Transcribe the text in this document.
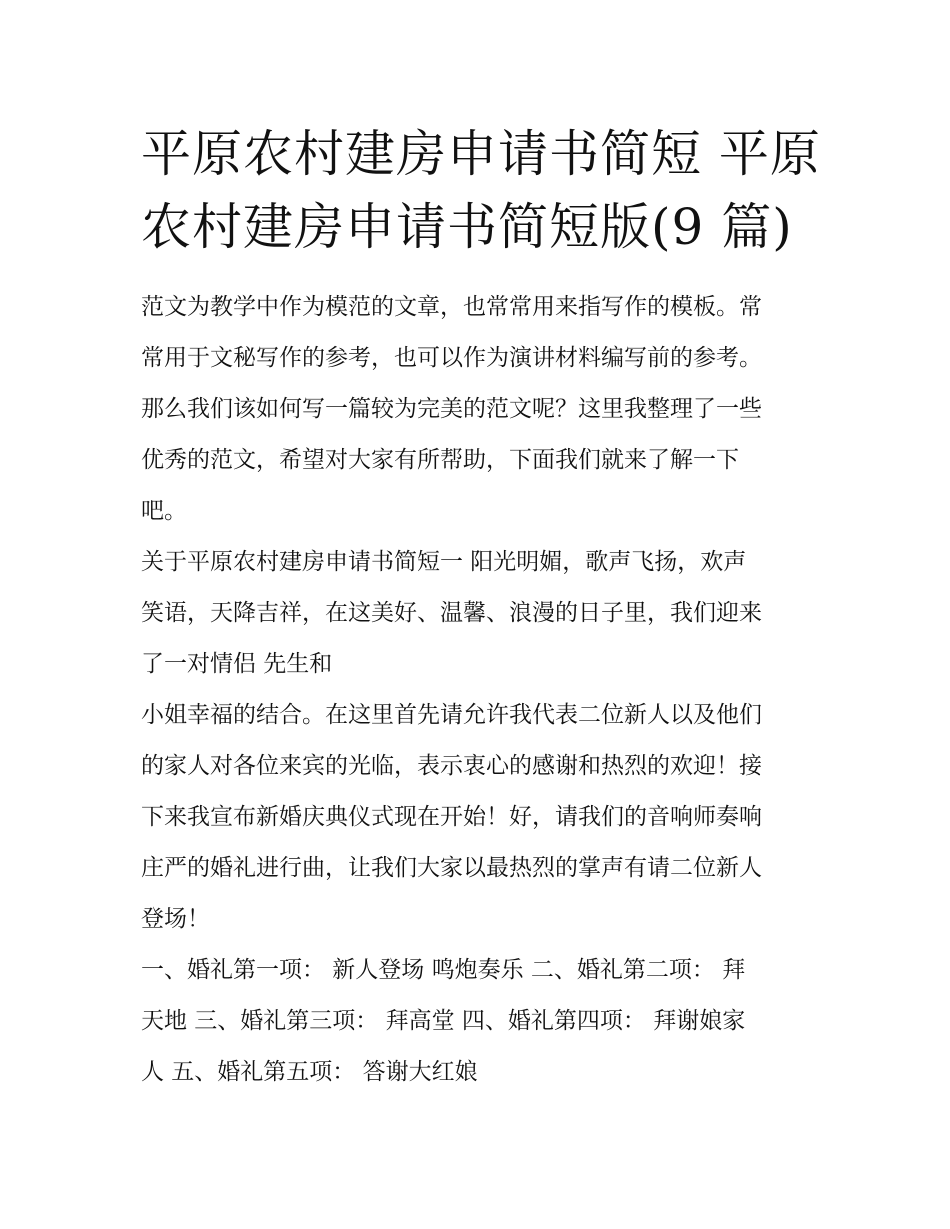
平原农村建房申请书简短 平原
农村建房申请书简短版(9 篇)

范文为教学中作为模范的文章，也常常用来指写作的模板。常
常用于文秘写作的参考，也可以作为演讲材料编写前的参考。
那么我们该如何写一篇较为完美的范文呢？这里我整理了一些
优秀的范文，希望对大家有所帮助，下面我们就来了解一下
吧。

关于平原农村建房申请书简短一 阳光明媚，歌声飞扬，欢声
笑语，天降吉祥，在这美好、温馨、浪漫的日子里，我们迎来
了一对情侣 先生和

小姐幸福的结合。在这里首先请允许我代表二位新人以及他们
的家人对各位来宾的光临，表示衷心的感谢和热烈的欢迎！接
下来我宣布新婚庆典仪式现在开始！好，请我们的音响师奏响
庄严的婚礼进行曲，让我们大家以最热烈的掌声有请二位新人
登场！

一、婚礼第一项： 新人登场 鸣炮奏乐 二、婚礼第二项： 拜
天地 三、婚礼第三项： 拜高堂 四、婚礼第四项： 拜谢娘家
人 五、婚礼第五项： 答谢大红娘
